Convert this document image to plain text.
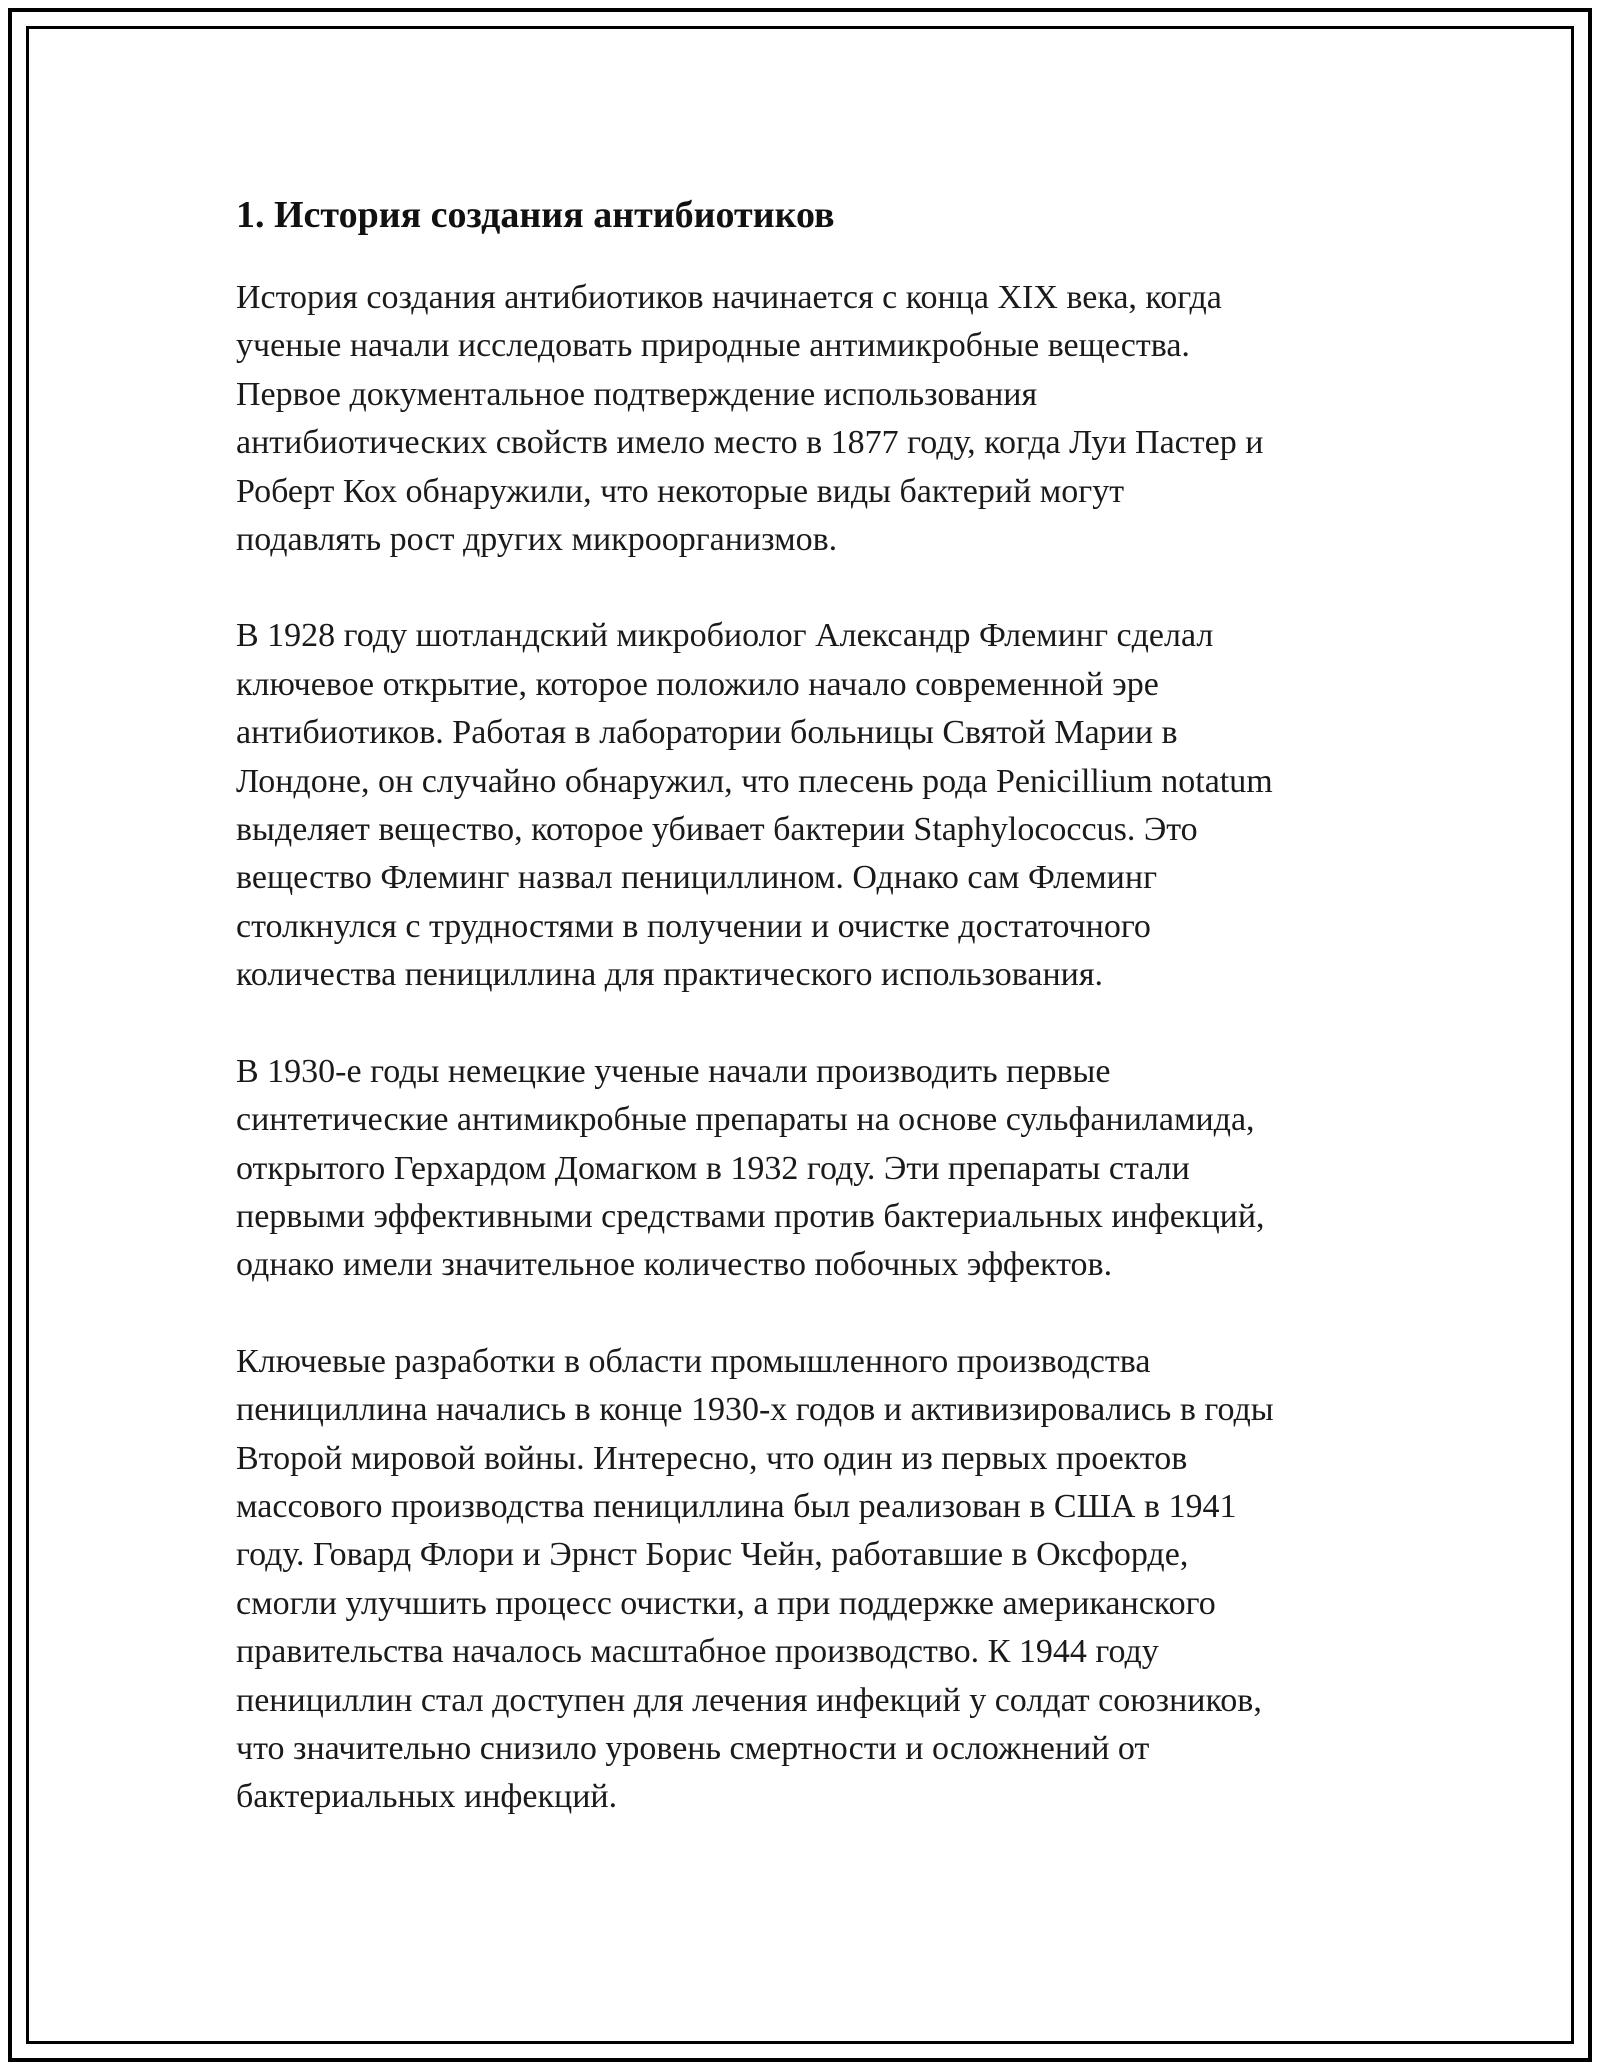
1. История создания антибиотиков

История создания антибиотиков начинается с конца XIX века, когда
ученые начали исследовать природные антимикробные вещества.
Первое документальное подтверждение использования
антибиотических свойств имело место в 1877 году, когда Луи Пастер и
Роберт Кох обнаружили, что некоторые виды бактерий могут
подавлять рост других микроорганизмов.

В 1928 году шотландский микробиолог Александр Флеминг сделал
ключевое открытие, которое положило начало современной эре
антибиотиков. Работая в лаборатории больницы Святой Марии в
Лондоне, он случайно обнаружил, что плесень рода Penicillium notatum
выделяет вещество, которое убивает бактерии Staphylococcus. Это
вещество Флеминг назвал пенициллином. Однако сам Флеминг
столкнулся с трудностями в получении и очистке достаточного
количества пенициллина для практического использования.

В 1930-е годы немецкие ученые начали производить первые
синтетические антимикробные препараты на основе сульфаниламида,
открытого Герхардом Домагком в 1932 году. Эти препараты стали
первыми эффективными средствами против бактериальных инфекций,
однако имели значительное количество побочных эффектов.

Ключевые разработки в области промышленного производства
пенициллина начались в конце 1930-х годов и активизировались в годы
Второй мировой войны. Интересно, что один из первых проектов
массового производства пенициллина был реализован в США в 1941
году. Говард Флори и Эрнст Борис Чейн, работавшие в Оксфорде,
смогли улучшить процесс очистки, а при поддержке американского
правительства началось масштабное производство. К 1944 году
пенициллин стал доступен для лечения инфекций у солдат союзников,
что значительно снизило уровень смертности и осложнений от
бактериальных инфекций.
